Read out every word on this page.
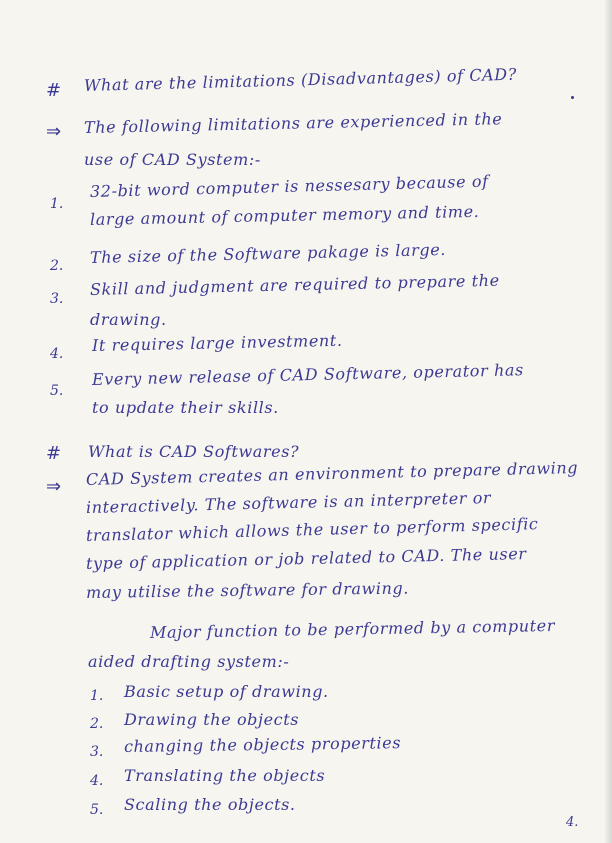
# What are the limitations (Disadvantages) of CAD?
⇒ The following limitations are experienced in the
use of CAD System:-
1.
32-bit word computer is nessesary because of
large amount of computer memory and time.
2. The size of the Software pakage is large.
3.
Skill and judgment are required to prepare the
drawing.
4. It requires large investment.
5.
Every new release of CAD Software, operator has
to update their skills.
# What is CAD Softwares?
⇒ CAD System creates an environment to prepare drawing
interactively. The software is an interpreter or
translator which allows the user to perform specific
type of application or job related to CAD. The user
may utilise the software for drawing.
Major function to be performed by a computer
aided drafting system:-
1. Basic setup of drawing.
2. Drawing the objects
3. changing the objects properties
4. Translating the objects
5. Scaling the objects.
4.
